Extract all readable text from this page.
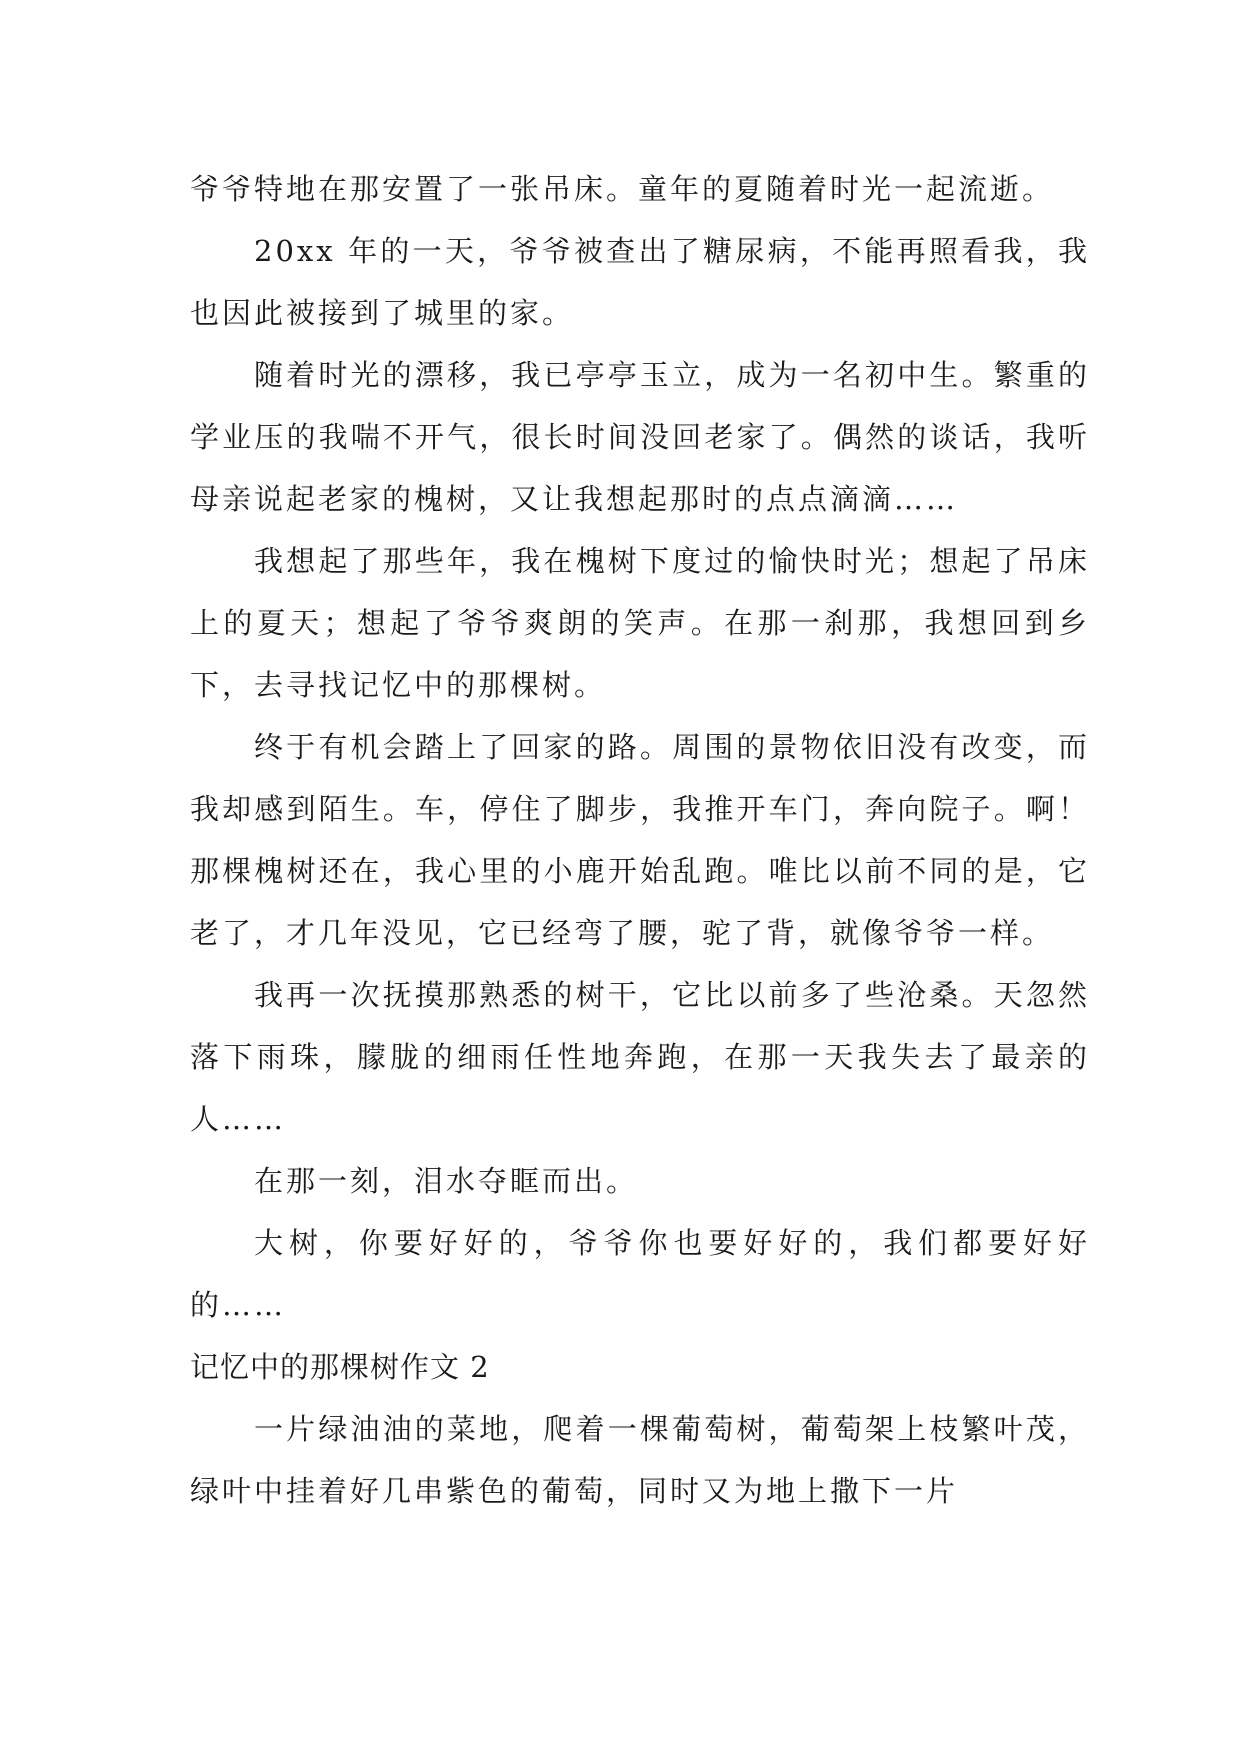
爷爷特地在那安置了一张吊床。童年的夏随着时光一起流逝。

20xx 年的一天，爷爷被查出了糖尿病，不能再照看我，我也因此被接到了城里的家。

随着时光的漂移，我已亭亭玉立，成为一名初中生。繁重的学业压的我喘不开气，很长时间没回老家了。偶然的谈话，我听母亲说起老家的槐树，又让我想起那时的点点滴滴……

我想起了那些年，我在槐树下度过的愉快时光；想起了吊床上的夏天；想起了爷爷爽朗的笑声。在那一刹那，我想回到乡下，去寻找记忆中的那棵树。

终于有机会踏上了回家的路。周围的景物依旧没有改变，而我却感到陌生。车，停住了脚步，我推开车门，奔向院子。啊！那棵槐树还在，我心里的小鹿开始乱跑。唯比以前不同的是，它老了，才几年没见，它已经弯了腰，驼了背，就像爷爷一样。

我再一次抚摸那熟悉的树干，它比以前多了些沧桑。天忽然落下雨珠，朦胧的细雨任性地奔跑，在那一天我失去了最亲的人……

在那一刻，泪水夺眶而出。

大树，你要好好的，爷爷你也要好好的，我们都要好好的……

记忆中的那棵树作文 2

一片绿油油的菜地，爬着一棵葡萄树，葡萄架上枝繁叶茂，绿叶中挂着好几串紫色的葡萄，同时又为地上撒下一片
